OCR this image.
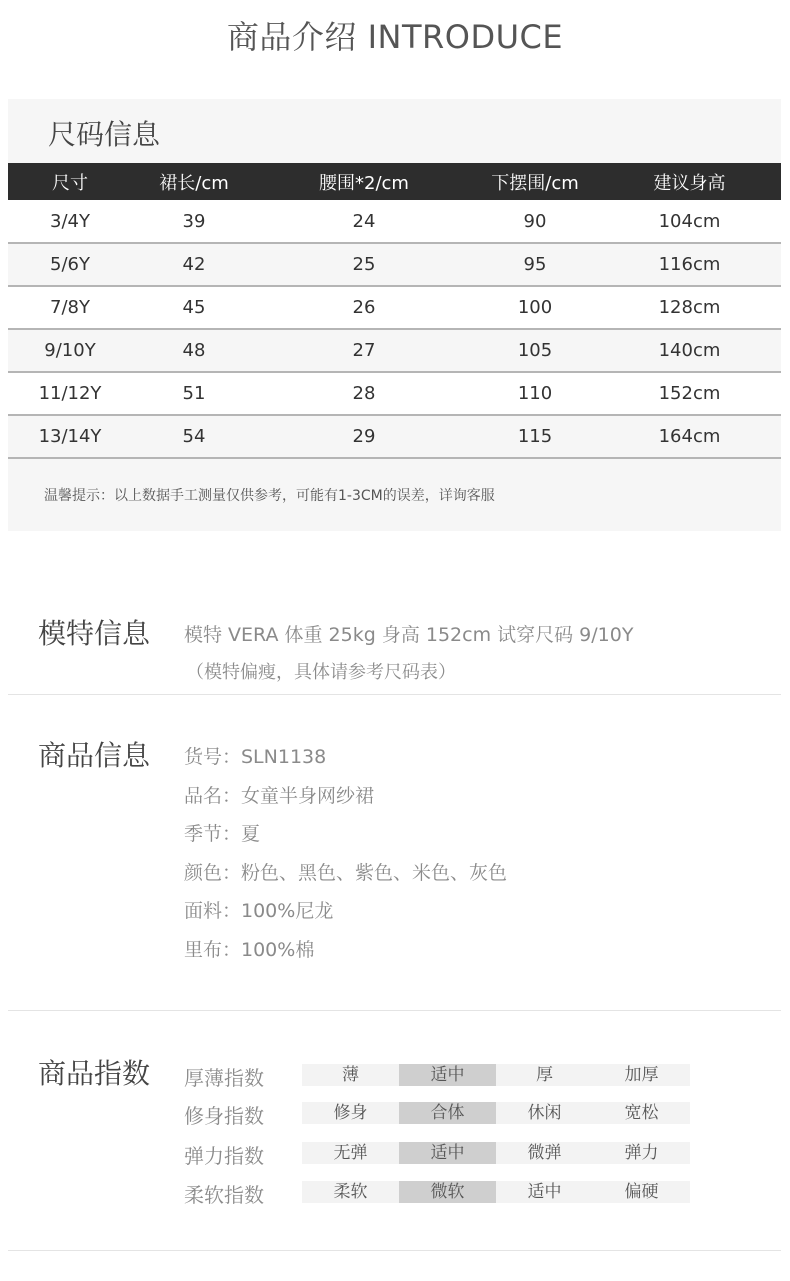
商品介绍 INTRODUCE
尺码信息
尺寸	裙长/cm	腰围*2/cm	下摆围/cm	建议身高
3/4Y	39	24	90	104cm
5/6Y	42	25	95	116cm
7/8Y	45	26	100	128cm
9/10Y	48	27	105	140cm
11/12Y	51	28	110	152cm
13/14Y	54	29	115	164cm
温馨提示：以上数据手工测量仅供参考，可能有1-3CM的误差，详询客服
模特信息 模特 VERA 体重 25kg 身高 152cm 试穿尺码 9/10Y
（模特偏瘦，具体请参考尺码表）
商品信息 货号：SLN1138
品名：女童半身网纱裙
季节：夏
颜色：粉色、黑色、紫色、米色、灰色
面料：100%尼龙
里布：100%棉
商品指数 厚薄指数	薄	适中	厚	加厚
修身指数	修身	合体	休闲	宽松
弹力指数	无弹	适中	微弹	弹力
柔软指数	柔软	微软	适中	偏硬
